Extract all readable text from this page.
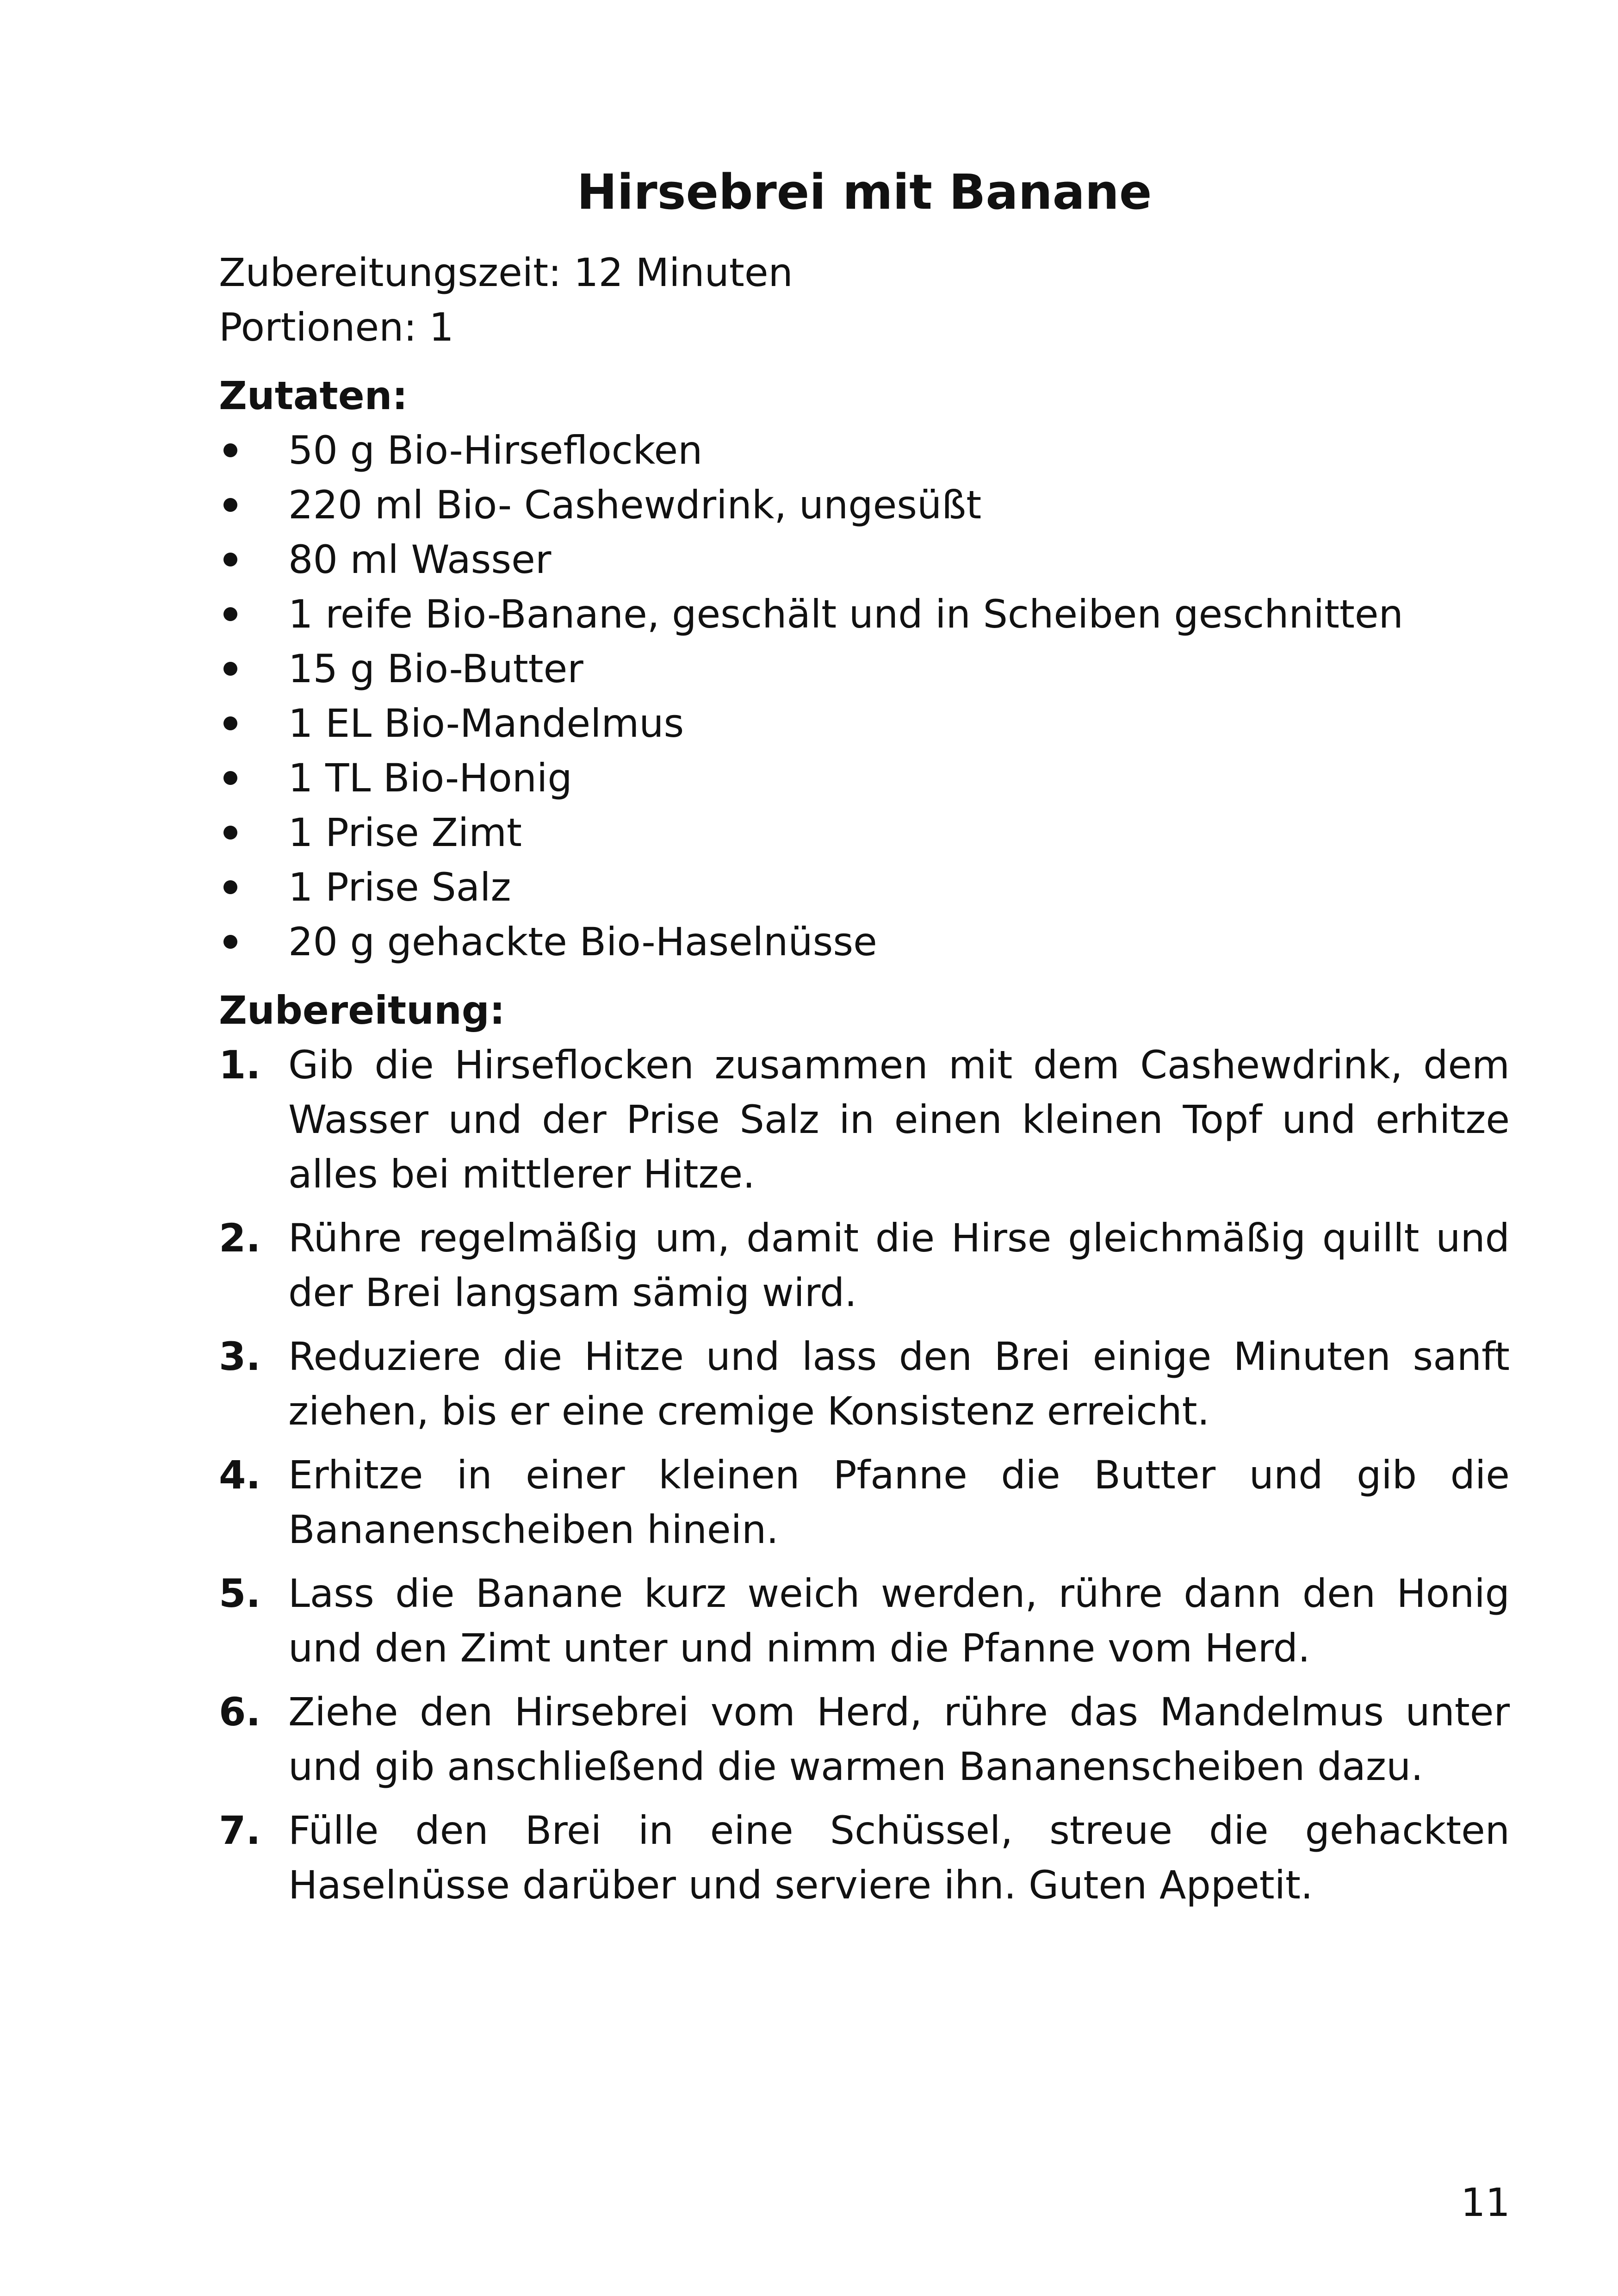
Hirsebrei mit Banane

Zubereitungszeit: 12 Minuten

Portionen: 1

Zutaten:

50 g Bio-Hirseflocken
220 ml Bio- Cashewdrink, ungesüßt
80 ml Wasser
1 reife Bio-Banane, geschält und in Scheiben geschnitten
15 g Bio-Butter
1 EL Bio-Mandelmus
1 TL Bio-Honig
1 Prise Zimt
1 Prise Salz
20 g gehackte Bio-Haselnüsse

Zubereitung:

1. Gib die Hirseflocken zusammen mit dem Cashewdrink, dem Wasser und der Prise Salz in einen kleinen Topf und erhitze alles bei mittlerer Hitze.
2. Rühre regelmäßig um, damit die Hirse gleichmäßig quillt und der Brei langsam sämig wird.
3. Reduziere die Hitze und lass den Brei einige Minuten sanft ziehen, bis er eine cremige Konsistenz erreicht.
4. Erhitze in einer kleinen Pfanne die Butter und gib die Bananenscheiben hinein.
5. Lass die Banane kurz weich werden, rühre dann den Honig und den Zimt unter und nimm die Pfanne vom Herd.
6. Ziehe den Hirsebrei vom Herd, rühre das Mandelmus unter und gib anschließend die warmen Bananenscheiben dazu.
7. Fülle den Brei in eine Schüssel, streue die gehackten Haselnüsse darüber und serviere ihn. Guten Appetit.
11
